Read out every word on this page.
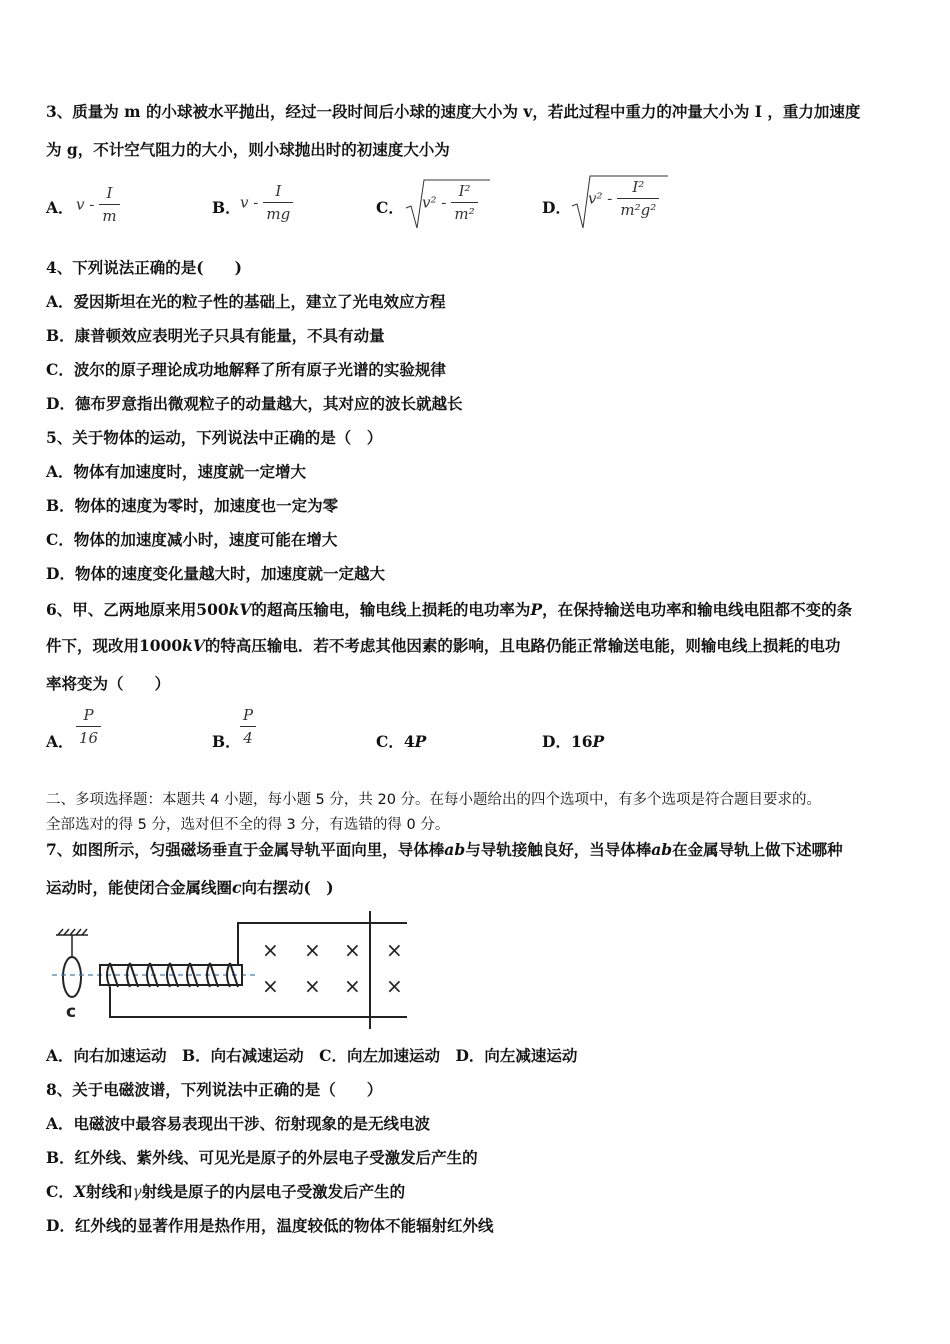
3、质量为 m 的小球被水平抛出，经过一段时间后小球的速度大小为 v，若此过程中重力的冲量大小为 I ，重力加速度
为 g，不计空气阻力的大小，则小球抛出时的初速度大小为
A． v - $\frac{I}{m}$	B． v - $\frac{I}{mg}$	C． $v^2 - \frac{\text{I²}}{\text{m²}}$	D． $v^2 - \frac{\text{I²}}{\text{m²g²}}$
4、下列说法正确的是(　　)
A．爱因斯坦在光的粒子性的基础上，建立了光电效应方程
B．康普顿效应表明光子只具有能量，不具有动量
C．波尔的原子理论成功地解释了所有原子光谱的实验规律
D．德布罗意指出微观粒子的动量越大，其对应的波长就越长
5、关于物体的运动，下列说法中正确的是（　）
A．物体有加速度时，速度就一定增大
B．物体的速度为零时，加速度也一定为零
C．物体的加速度减小时，速度可能在增大
D．物体的速度变化量越大时，加速度就一定越大
6、甲、乙两地原来用500kV的超高压输电，输电线上损耗的电功率为P，在保持输送电功率和输电线电阻都不变的条
件下，现改用1000kV的特高压输电．若不考虑其他因素的影响，且电路仍能正常输送电能，则输电线上损耗的电功
率将变为（　　）
A． $\frac{P}{16}$	B． $\frac{P}{4}$	C．4P	D．16P
二、多项选择题：本题共 4 小题，每小题 5 分，共 20 分。在每小题给出的四个选项中，有多个选项是符合题目要求的。
全部选对的得 5 分，选对但不全的得 3 分，有选错的得 0 分。
7、如图所示，匀强磁场垂直于金属导轨平面向里，导体棒ab与导轨接触良好，当导体棒ab在金属导轨上做下述哪种
运动时，能使闭合金属线圈c向右摆动(　)
c
× × × ×
× × × ×
A．向右加速运动　B．向右减速运动　C．向左加速运动　D．向左减速运动
8、关于电磁波谱，下列说法中正确的是（　　）
A．电磁波中最容易表现出干涉、衍射现象的是无线电波
B．红外线、紫外线、可见光是原子的外层电子受激发后产生的
C．X射线和γ射线是原子的内层电子受激发后产生的
D．红外线的显著作用是热作用，温度较低的物体不能辐射红外线
